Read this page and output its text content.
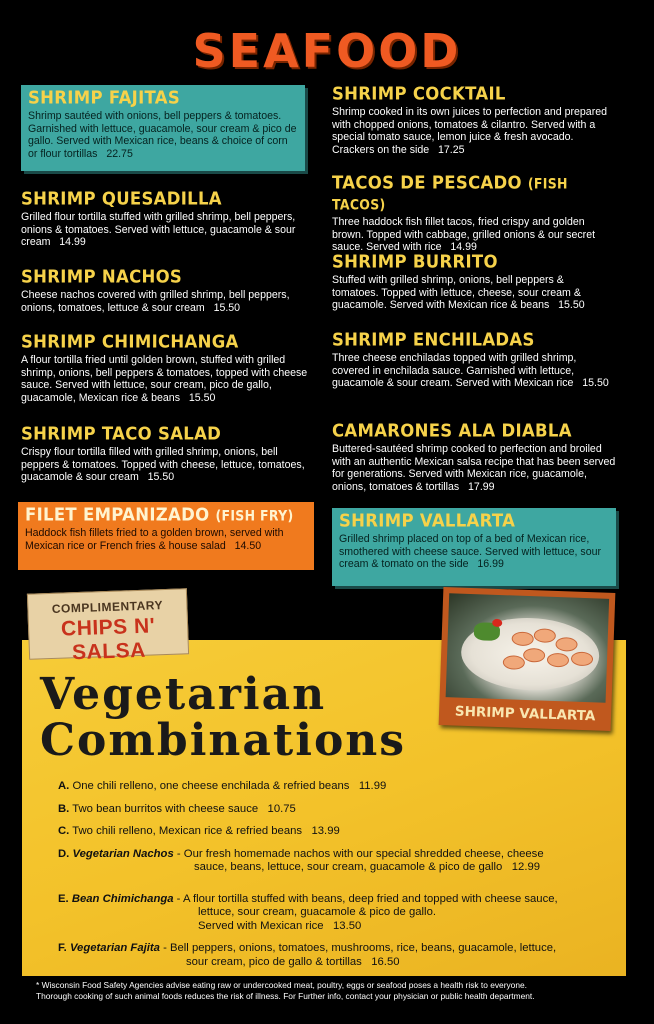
SEAFOOD
SHRIMP FAJITAS

Shrimp sautéed with onions, bell peppers & tomatoes. Garnished with lettuce, guacamole, sour cream & pico de gallo. Served with Mexican rice, beans & choice of corn or flour tortillas 22.75

SHRIMP QUESADILLA

Grilled flour tortilla stuffed with grilled shrimp, bell peppers, onions & tomatoes. Served with lettuce, guacamole & sour cream 14.99

SHRIMP NACHOS

Cheese nachos covered with grilled shrimp, bell peppers, onions, tomatoes, lettuce & sour cream 15.50

SHRIMP CHIMICHANGA

A flour tortilla fried until golden brown, stuffed with grilled shrimp, onions, bell peppers & tomatoes, topped with cheese sauce. Served with lettuce, sour cream, pico de gallo, guacamole, Mexican rice & beans 15.50

SHRIMP TACO SALAD

Crispy flour tortilla filled with grilled shrimp, onions, bell peppers & tomatoes. Topped with cheese, lettuce, tomatoes, guacamole & sour cream 15.50

FILET EMPANIZADO (FISH FRY)

Haddock fish fillets fried to a golden brown, served with Mexican rice or French fries & house salad 14.50

SHRIMP COCKTAIL

Shrimp cooked in its own juices to perfection and prepared with chopped onions, tomatoes & cilantro. Served with a special tomato sauce, lemon juice & fresh avocado. Crackers on the side 17.25

TACOS DE PESCADO (FISH TACOS)

Three haddock fish fillet tacos, fried crispy and golden brown. Topped with cabbage, grilled onions & our secret sauce. Served with rice 14.99

SHRIMP BURRITO

Stuffed with grilled shrimp, onions, bell peppers & tomatoes. Topped with lettuce, cheese, sour cream & guacamole. Served with Mexican rice & beans 15.50

SHRIMP ENCHILADAS

Three cheese enchiladas topped with grilled shrimp, covered in enchilada sauce. Garnished with lettuce, guacamole & sour cream. Served with Mexican rice 15.50

CAMARONES ALA DIABLA

Buttered-sautéed shrimp cooked to perfection and broiled with an authentic Mexican salsa recipe that has been served for generations. Served with Mexican rice, guacamole, onions, tomatoes & tortillas 17.99

SHRIMP VALLARTA

Grilled shrimp placed on top of a bed of Mexican rice, smothered with cheese sauce. Served with lettuce, sour cream & tomato on the side 16.99

COMPLIMENTARY
CHIPS N' SALSA
SHRIMP VALLARTA
Vegetarian
Combinations
A. One chili relleno, one cheese enchilada & refried beans 11.99
B. Two bean burritos with cheese sauce 10.75
C. Two chili relleno, Mexican rice & refried beans 13.99
D. Vegetarian Nachos - Our fresh homemade nachos with our special shredded cheese, cheese
sauce, beans, lettuce, sour cream, guacamole & pico de gallo 12.99
E. Bean Chimichanga - A flour tortilla stuffed with beans, deep fried and topped with cheese sauce,
lettuce, sour cream, guacamole & pico de gallo.
Served with Mexican rice 13.50
F. Vegetarian Fajita - Bell peppers, onions, tomatoes, mushrooms, rice, beans, guacamole, lettuce,
sour cream, pico de gallo & tortillas 16.50
* Wisconsin Food Safety Agencies advise eating raw or undercooked meat, poultry, eggs or seafood poses a health risk to everyone.
Thorough cooking of such animal foods reduces the risk of illness. For Further info, contact your physician or public health department.
